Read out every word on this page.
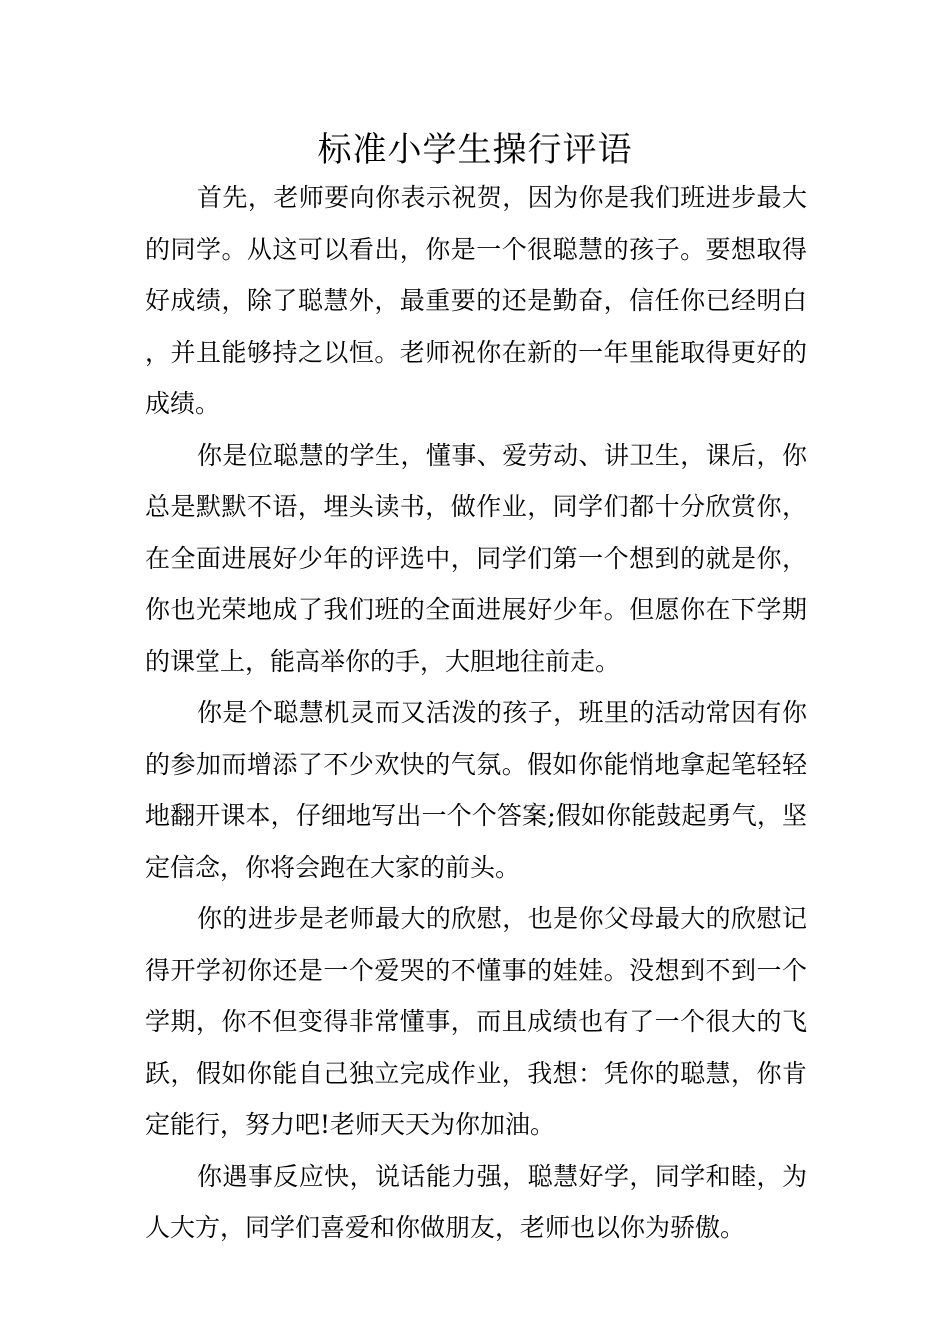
标准小学生操行评语

首先，老师要向你表示祝贺，因为你是我们班进步最大的同学。从这可以看出，你是一个很聪慧的孩子。要想取得好成绩，除了聪慧外，最重要的还是勤奋，信任你已经明白，并且能够持之以恒。老师祝你在新的一年里能取得更好的成绩。

你是位聪慧的学生，懂事、爱劳动、讲卫生，课后，你总是默默不语，埋头读书，做作业，同学们都十分欣赏你，在全面进展好少年的评选中，同学们第一个想到的就是你，你也光荣地成了我们班的全面进展好少年。但愿你在下学期的课堂上，能高举你的手，大胆地往前走。

你是个聪慧机灵而又活泼的孩子，班里的活动常因有你的参加而增添了不少欢快的气氛。假如你能悄地拿起笔轻轻地翻开课本，仔细地写出一个个答案;假如你能鼓起勇气，坚定信念，你将会跑在大家的前头。

你的进步是老师最大的欣慰，也是你父母最大的欣慰记得开学初你还是一个爱哭的不懂事的娃娃。没想到不到一个学期，你不但变得非常懂事，而且成绩也有了一个很大的飞跃，假如你能自己独立完成作业，我想：凭你的聪慧，你肯定能行，努力吧!老师天天为你加油。

你遇事反应快，说话能力强，聪慧好学，同学和睦，为人大方，同学们喜爱和你做朋友，老师也以你为骄傲。
